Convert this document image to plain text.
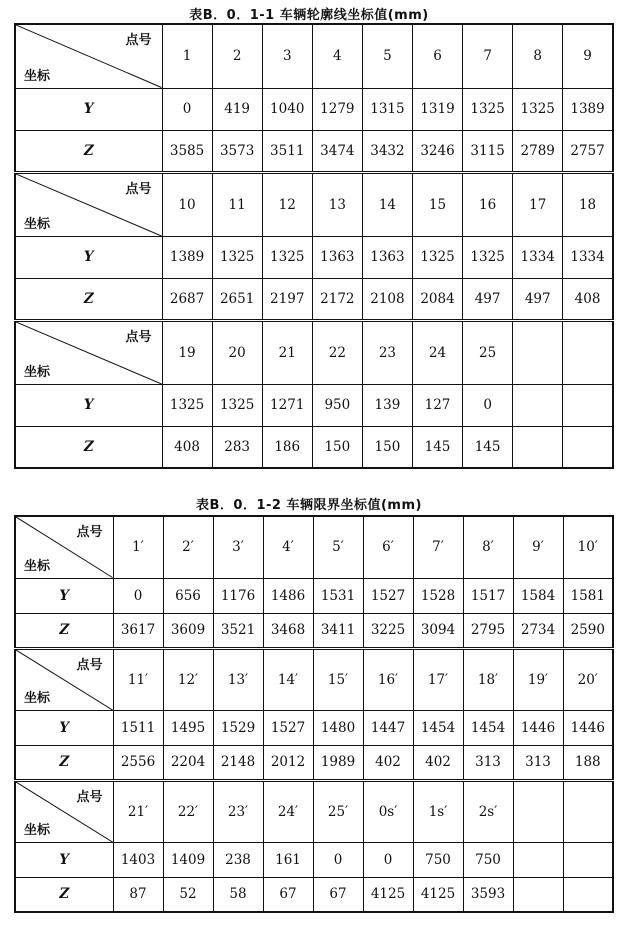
表B．0．1-1 车辆轮廓线坐标值(mm)
点号
坐标	1	2	3	4	5	6	7	8	9
Y	0	419	1040	1279	1315	1319	1325	1325	1389
Z	3585	3573	3511	3474	3432	3246	3115	2789	2757

点号
坐标	10	11	12	13	14	15	16	17	18
Y	1389	1325	1325	1363	1363	1325	1325	1334	1334
Z	2687	2651	2197	2172	2108	2084	497	497	408

点号
坐标	19	20	21	22	23	24	25		
Y	1325	1325	1271	950	139	127	0		
Z	408	283	186	150	150	145	145		
表B．0．1-2 车辆限界坐标值(mm)
点号
坐标	1′	2′	3′	4′	5′	6′	7′	8′	9′	10′
Y	0	656	1176	1486	1531	1527	1528	1517	1584	1581
Z	3617	3609	3521	3468	3411	3225	3094	2795	2734	2590

点号
坐标	11′	12′	13′	14′	15′	16′	17′	18′	19′	20′
Y	1511	1495	1529	1527	1480	1447	1454	1454	1446	1446
Z	2556	2204	2148	2012	1989	402	402	313	313	188

点号
坐标	21′	22′	23′	24′	25′	0s′	1s′	2s′		
Y	1403	1409	238	161	0	0	750	750		
Z	87	52	58	67	67	4125	4125	3593		
